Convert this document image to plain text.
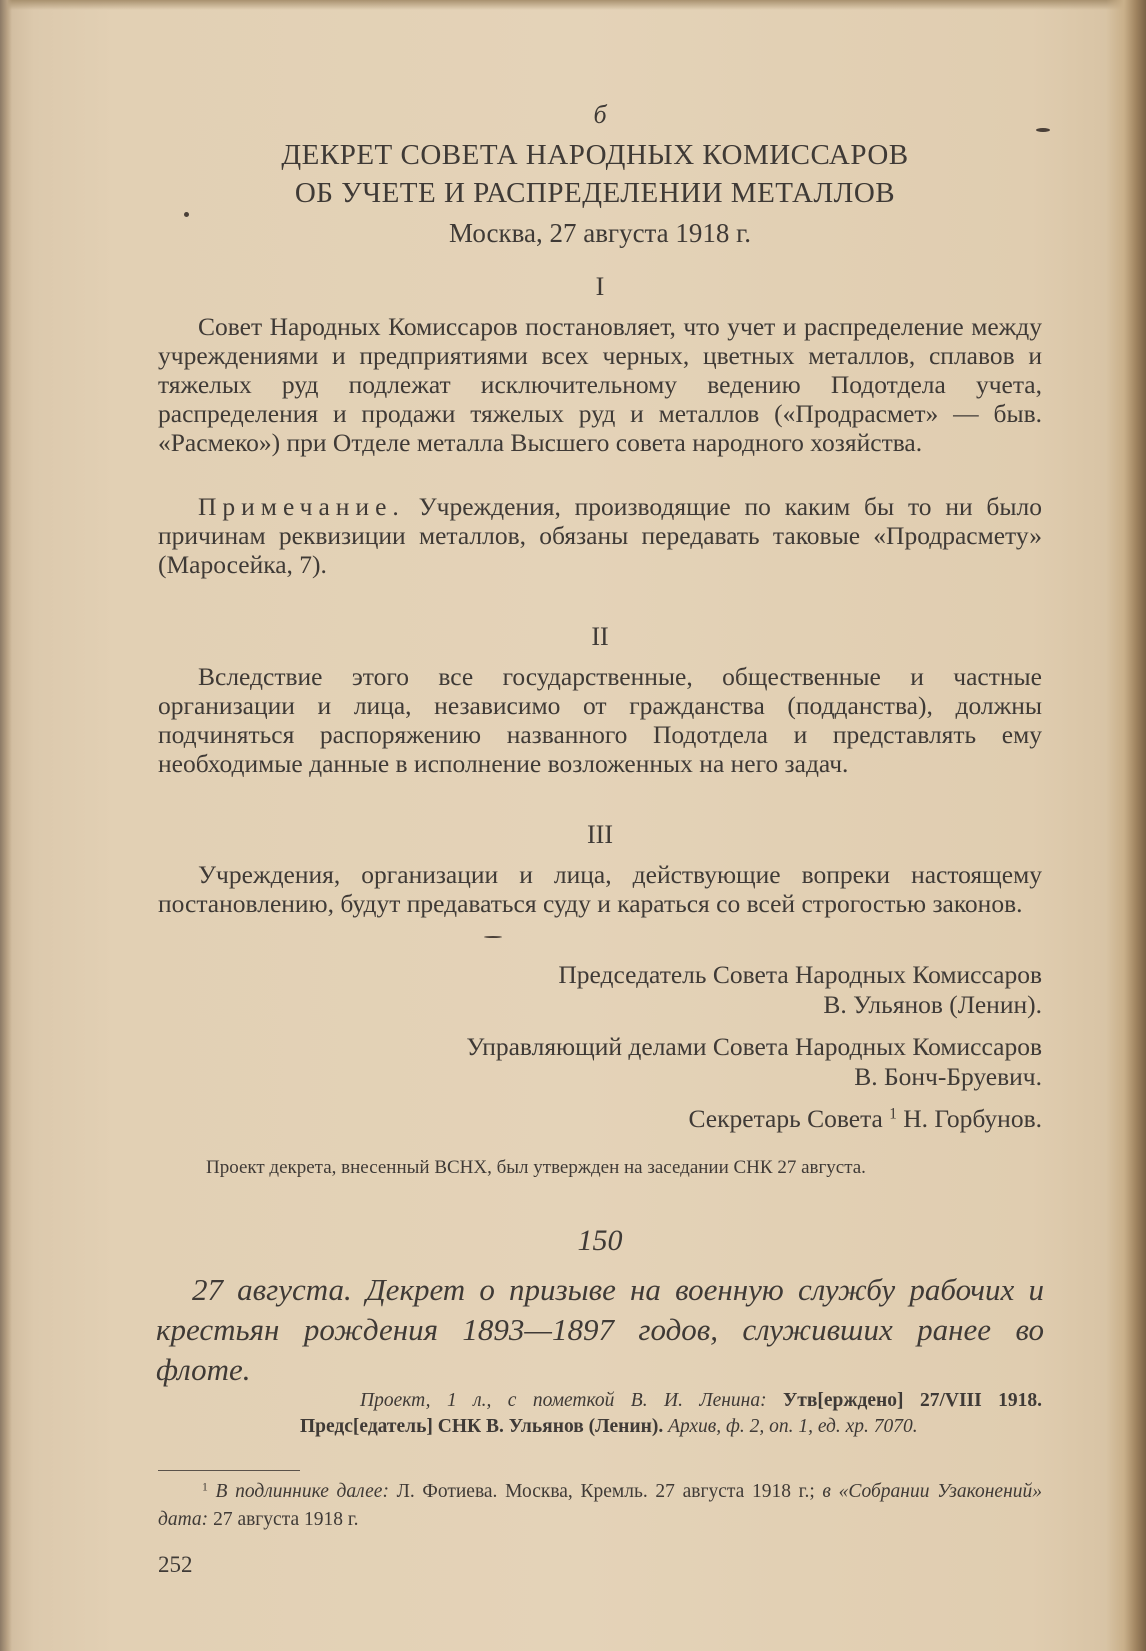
б
ДЕКРЕТ СОВЕТА НАРОДНЫХ КОМИССАРОВ
ОБ УЧЕТЕ И РАСПРЕДЕЛЕНИИ МЕТАЛЛОВ
Москва, 27 августа 1918 г.
I

Совет Народных Комиссаров постановляет, что учет и распределение между учреждениями и предприятиями всех черных, цветных металлов, сплавов и тяжелых руд подлежат исключительному ведению Подотдела учета, распределения и продажи тяжелых руд и металлов («Продрасмет» — быв. «Расмеко») при Отделе металла Высшего совета народного хозяйства.

Примечание. Учреждения, производящие по каким бы то ни было причинам реквизиции металлов, обязаны передавать таковые «Продрасмету» (Маросейка, 7).

II

Вследствие этого все государственные, общественные и частные организации и лица, независимо от гражданства (подданства), должны подчиняться распоряжению названного Подотдела и представлять ему необходимые данные в исполнение возложенных на него задач.

III

Учреждения, организации и лица, действующие вопреки настоящему постановлению, будут предаваться суду и караться со всей строгостью законов.

Председатель Совета Народных Комиссаров
В. Ульянов (Ленин).
Управляющий делами Совета Народных Комиссаров
В. Бонч-Бруевич.
Секретарь Совета $^1$ Н. Горбунов.

Проект декрета, внесенный ВСНХ, был утвержден на заседании СНК 27 августа.

150

27 августа. Декрет о призыве на военную службу рабочих и крестьян рождения 1893—1897 годов, служивших ранее во флоте.

Проект, 1 л., с пометкой В. И. Ленина: Утв[ерждено] 27/VIII 1918. Предс[едатель] СНК В. Ульянов (Ленин). Архив, ф. 2, оп. 1, ед. хр. 7070.

$^1$ В подлиннике далее: Л. Фотиева. Москва, Кремль. 27 августа 1918 г.; в «Собрании Узаконений» дата: 27 августа 1918 г.

252
